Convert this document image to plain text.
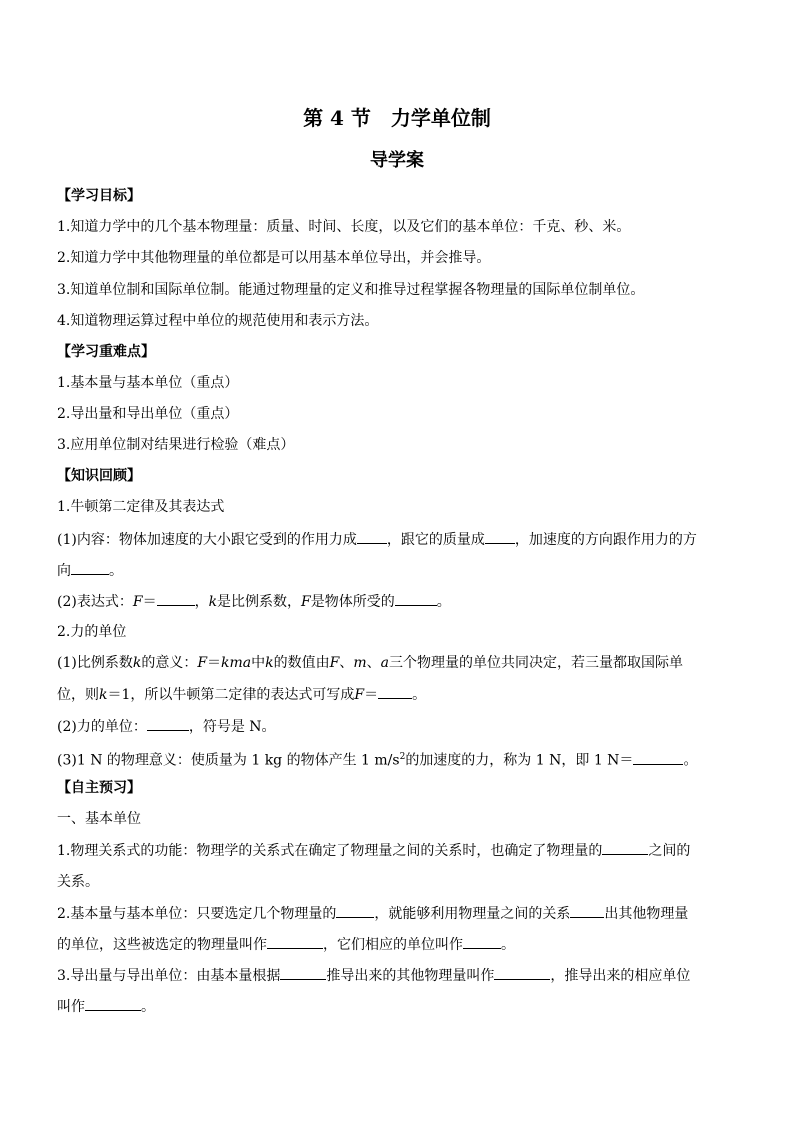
第 4 节　力学单位制
导学案
【学习目标】
1.知道力学中的几个基本物理量：质量、时间、长度，以及它们的基本单位：千克、秒、米。
2.知道力学中其他物理量的单位都是可以用基本单位导出，并会推导。
3.知道单位制和国际单位制。能通过物理量的定义和推导过程掌握各物理量的国际单位制单位。
4.知道物理运算过程中单位的规范使用和表示方法。
【学习重难点】
1.基本量与基本单位（重点）
2.导出量和导出单位（重点）
3.应用单位制对结果进行检验（难点）
【知识回顾】
1.牛顿第二定律及其表达式
(1)内容：物体加速度的大小跟它受到的作用力成 ，跟它的质量成 ，加速度的方向跟作用力的方
向	。
(2)表达式：F＝	，k是比例系数，F是物体所受的	。
2.力的单位
(1)比例系数k的意义：F＝kma中k的数值由F、m、a三个物理量的单位共同决定，若三量都取国际单
位，则k＝1，所以牛顿第二定律的表达式可写成F＝ 。
(2)力的单位：	，符号是 N。
(3)1 N 的物理意义：使质量为 1 kg 的物体产生 1 $m/s^2$的加速度的力，称为 1 N，即 1 N＝	。
【自主预习】
一、基本单位
1.物理关系式的功能：物理学的关系式在确定了物理量之间的关系时，也确定了物理量的	之间的
关系。
2.基本量与基本单位：只要选定几个物理量的	，就能够利用物理量之间的关系 出其他物理量
的单位，这些被选定的物理量叫作	，它们相应的单位叫作	。
3.导出量与导出单位：由基本量根据	推导出来的其他物理量叫作	，推导出来的相应单位
叫作	。
